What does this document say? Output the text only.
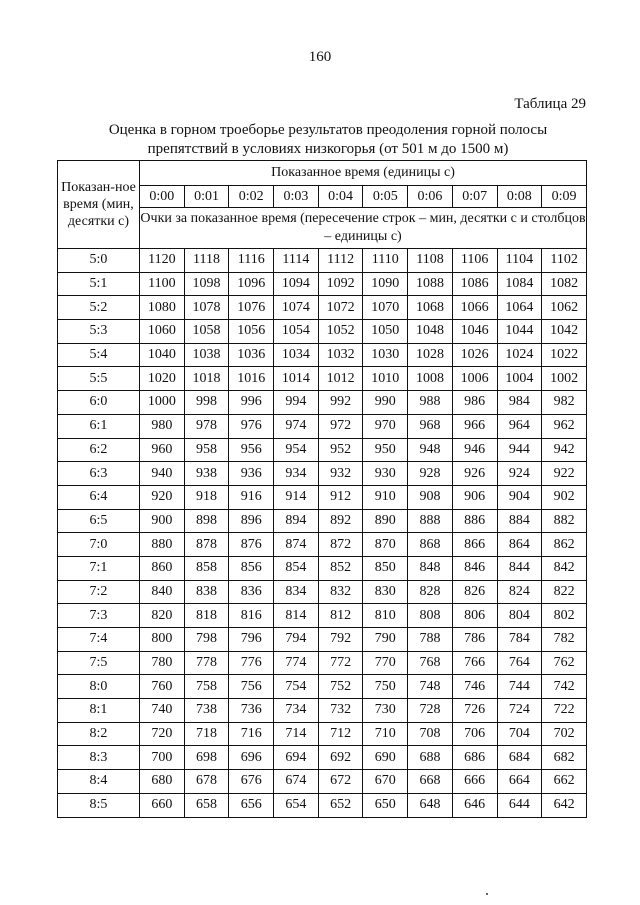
160
Таблица 29
Оценка в горном троеборье результатов преодоления горной полосы
препятствий в условиях низкогорья (от 501 м до 1500 м)
Показан-ное время (мин, десятки с)	Показанное время (единицы с)									
	0:00	0:01	0:02	0:03	0:04	0:05	0:06	0:07	0:08	0:09
	Очки за показанное время (пересечение строк – мин, десятки с и столбцов – единицы с)									
5:0	1120	1118	1116	1114	1112	1110	1108	1106	1104	1102
5:1	1100	1098	1096	1094	1092	1090	1088	1086	1084	1082
5:2	1080	1078	1076	1074	1072	1070	1068	1066	1064	1062
5:3	1060	1058	1056	1054	1052	1050	1048	1046	1044	1042
5:4	1040	1038	1036	1034	1032	1030	1028	1026	1024	1022
5:5	1020	1018	1016	1014	1012	1010	1008	1006	1004	1002
6:0	1000	998	996	994	992	990	988	986	984	982
6:1	980	978	976	974	972	970	968	966	964	962
6:2	960	958	956	954	952	950	948	946	944	942
6:3	940	938	936	934	932	930	928	926	924	922
6:4	920	918	916	914	912	910	908	906	904	902
6:5	900	898	896	894	892	890	888	886	884	882
7:0	880	878	876	874	872	870	868	866	864	862
7:1	860	858	856	854	852	850	848	846	844	842
7:2	840	838	836	834	832	830	828	826	824	822
7:3	820	818	816	814	812	810	808	806	804	802
7:4	800	798	796	794	792	790	788	786	784	782
7:5	780	778	776	774	772	770	768	766	764	762
8:0	760	758	756	754	752	750	748	746	744	742
8:1	740	738	736	734	732	730	728	726	724	722
8:2	720	718	716	714	712	710	708	706	704	702
8:3	700	698	696	694	692	690	688	686	684	682
8:4	680	678	676	674	672	670	668	666	664	662
8:5	660	658	656	654	652	650	648	646	644	642
